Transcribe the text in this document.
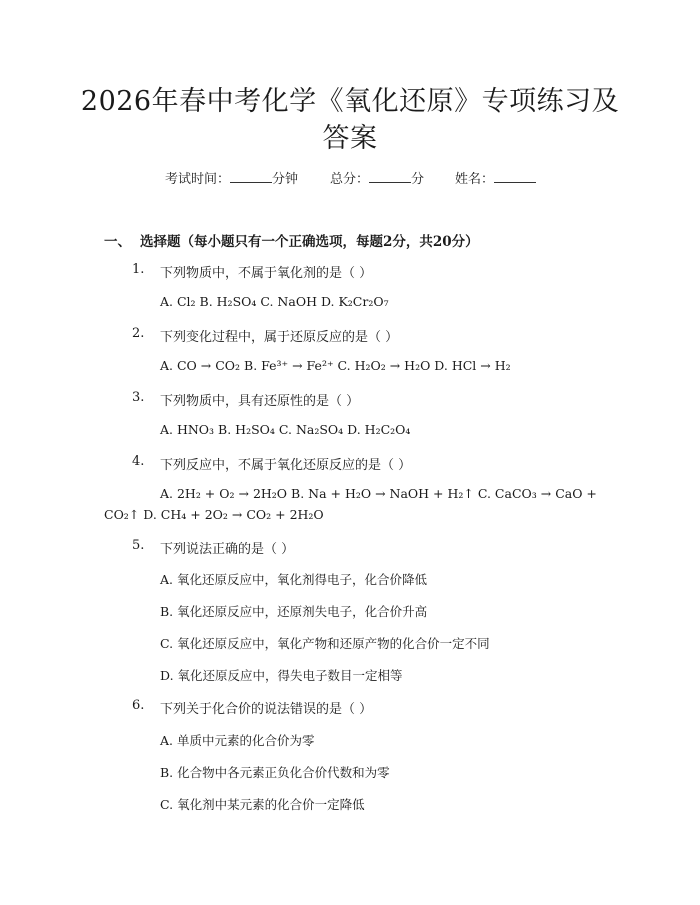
2026年春中考化学《氧化还原》专项练习及
答案
考试时间：	分钟 总分：	分 姓名：
一、 选择题（每小题只有一个正确选项，每题2分，共20分）
1. 下列物质中，不属于氧化剂的是（ ）
A. Cl₂ B. H₂SO₄ C. NaOH D. K₂Cr₂O₇
2. 下列变化过程中，属于还原反应的是（ ）
A. CO → CO₂ B. Fe³⁺ → Fe²⁺ C. H₂O₂ → H₂O D. HCl → H₂
3. 下列物质中，具有还原性的是（ ）
A. HNO₃ B. H₂SO₄ C. Na₂SO₄ D. H₂C₂O₄
4. 下列反应中，不属于氧化还原反应的是（ ）
A. 2H₂ + O₂ → 2H₂O B. Na + H₂O → NaOH + H₂↑ C. CaCO₃ → CaO +
CO₂↑ D. CH₄ + 2O₂ → CO₂ + 2H₂O
5. 下列说法正确的是（ ）
A. 氧化还原反应中，氧化剂得电子，化合价降低
B. 氧化还原反应中，还原剂失电子，化合价升高
C. 氧化还原反应中，氧化产物和还原产物的化合价一定不同
D. 氧化还原反应中，得失电子数目一定相等
6. 下列关于化合价的说法错误的是（ ）
A. 单质中元素的化合价为零
B. 化合物中各元素正负化合价代数和为零
C. 氧化剂中某元素的化合价一定降低
